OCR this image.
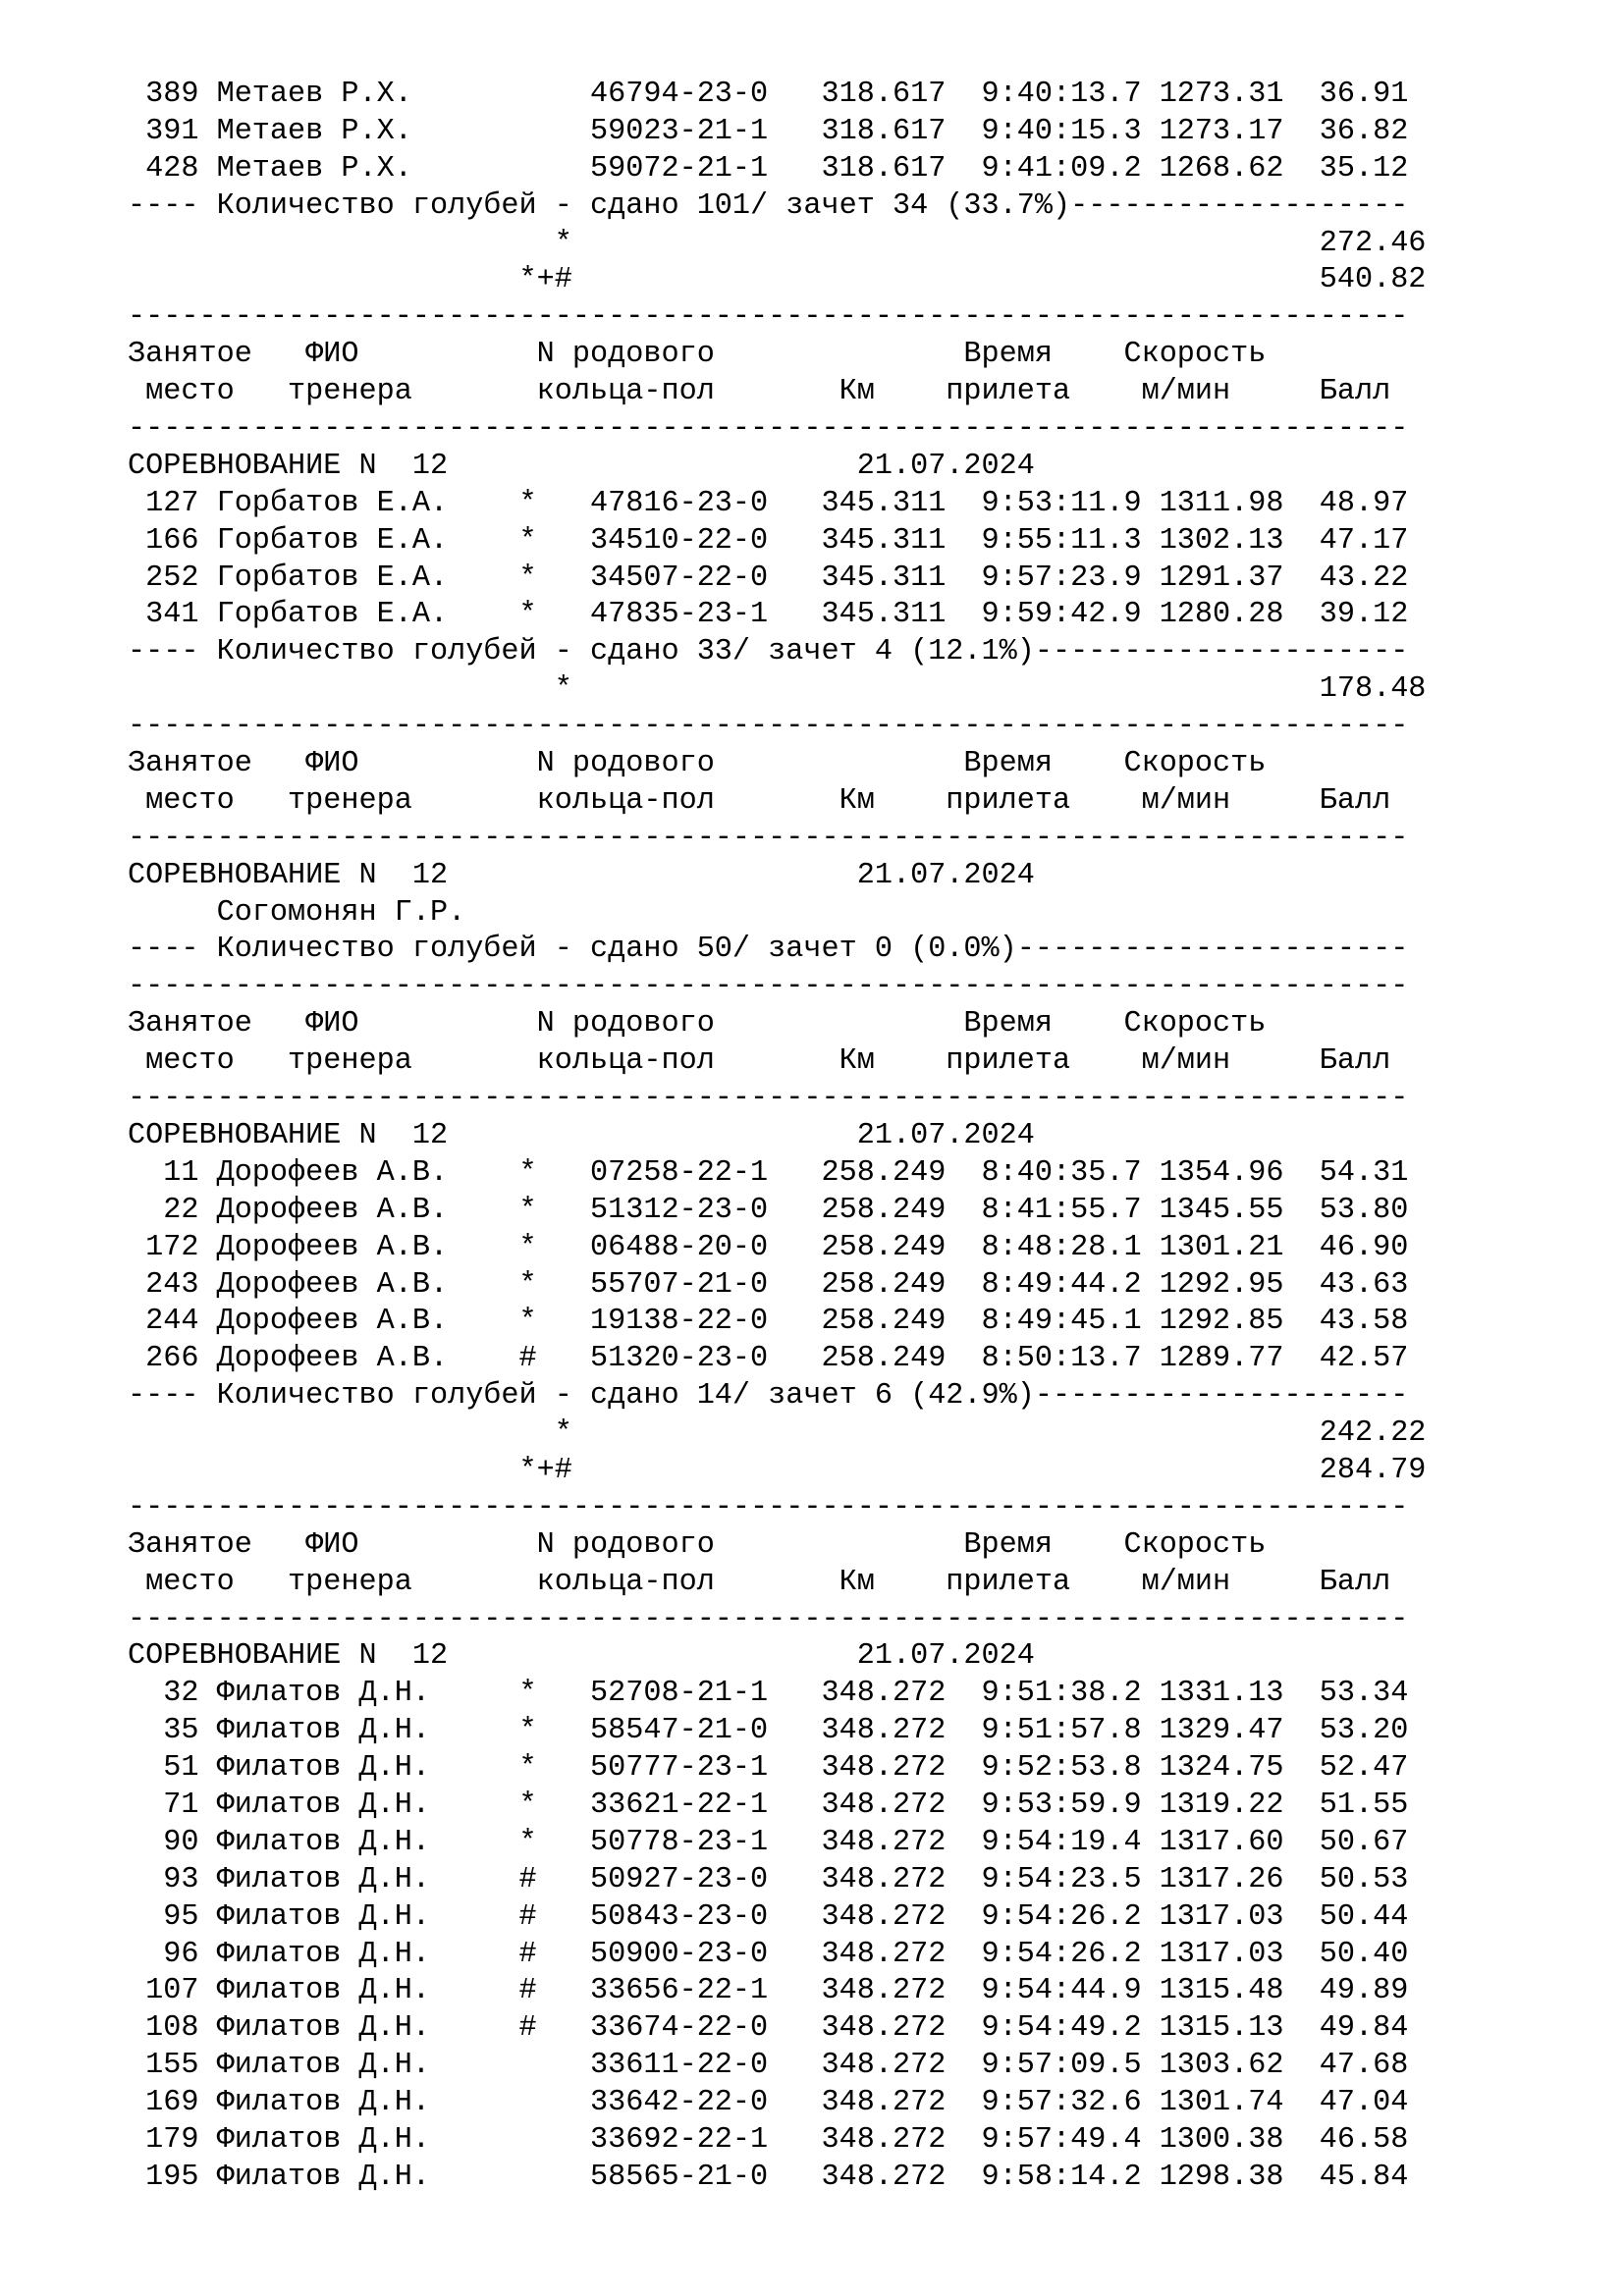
389 Метаев Р.Х.          46794-23-0   318.617  9:40:13.7 1273.31  36.91
391 Метаев Р.Х.          59023-21-1   318.617  9:40:15.3 1273.17  36.82
428 Метаев Р.Х.          59072-21-1   318.617  9:41:09.2 1268.62  35.12
---- Количество голубей - сдано 101/ зачет 34 (33.7%)-------------------
*                                          272.46
*+#                                          540.82
------------------------------------------------------------------------
Занятое   ФИО          N родового              Время    Скорость
место   тренера       кольца-пол       Км    прилета    м/мин     Балл
------------------------------------------------------------------------
СОРЕВНОВАНИЕ N  12                       21.07.2024
127 Горбатов Е.А.    *   47816-23-0   345.311  9:53:11.9 1311.98  48.97
166 Горбатов Е.А.    *   34510-22-0   345.311  9:55:11.3 1302.13  47.17
252 Горбатов Е.А.    *   34507-22-0   345.311  9:57:23.9 1291.37  43.22
341 Горбатов Е.А.    *   47835-23-1   345.311  9:59:42.9 1280.28  39.12
---- Количество голубей - сдано 33/ зачет 4 (12.1%)---------------------
*                                          178.48
------------------------------------------------------------------------
Занятое   ФИО          N родового              Время    Скорость
место   тренера       кольца-пол       Км    прилета    м/мин     Балл
------------------------------------------------------------------------
СОРЕВНОВАНИЕ N  12                       21.07.2024
Согомонян Г.Р.
---- Количество голубей - сдано 50/ зачет 0 (0.0%)----------------------
------------------------------------------------------------------------
Занятое   ФИО          N родового              Время    Скорость
место   тренера       кольца-пол       Км    прилета    м/мин     Балл
------------------------------------------------------------------------
СОРЕВНОВАНИЕ N  12                       21.07.2024
11 Дорофеев А.В.    *   07258-22-1   258.249  8:40:35.7 1354.96  54.31
22 Дорофеев А.В.    *   51312-23-0   258.249  8:41:55.7 1345.55  53.80
172 Дорофеев А.В.    *   06488-20-0   258.249  8:48:28.1 1301.21  46.90
243 Дорофеев А.В.    *   55707-21-0   258.249  8:49:44.2 1292.95  43.63
244 Дорофеев А.В.    *   19138-22-0   258.249  8:49:45.1 1292.85  43.58
266 Дорофеев А.В.    #   51320-23-0   258.249  8:50:13.7 1289.77  42.57
---- Количество голубей - сдано 14/ зачет 6 (42.9%)---------------------
*                                          242.22
*+#                                          284.79
------------------------------------------------------------------------
Занятое   ФИО          N родового              Время    Скорость
место   тренера       кольца-пол       Км    прилета    м/мин     Балл
------------------------------------------------------------------------
СОРЕВНОВАНИЕ N  12                       21.07.2024
32 Филатов Д.Н.     *   52708-21-1   348.272  9:51:38.2 1331.13  53.34
35 Филатов Д.Н.     *   58547-21-0   348.272  9:51:57.8 1329.47  53.20
51 Филатов Д.Н.     *   50777-23-1   348.272  9:52:53.8 1324.75  52.47
71 Филатов Д.Н.     *   33621-22-1   348.272  9:53:59.9 1319.22  51.55
90 Филатов Д.Н.     *   50778-23-1   348.272  9:54:19.4 1317.60  50.67
93 Филатов Д.Н.     #   50927-23-0   348.272  9:54:23.5 1317.26  50.53
95 Филатов Д.Н.     #   50843-23-0   348.272  9:54:26.2 1317.03  50.44
96 Филатов Д.Н.     #   50900-23-0   348.272  9:54:26.2 1317.03  50.40
107 Филатов Д.Н.     #   33656-22-1   348.272  9:54:44.9 1315.48  49.89
108 Филатов Д.Н.     #   33674-22-0   348.272  9:54:49.2 1315.13  49.84
155 Филатов Д.Н.         33611-22-0   348.272  9:57:09.5 1303.62  47.68
169 Филатов Д.Н.         33642-22-0   348.272  9:57:32.6 1301.74  47.04
179 Филатов Д.Н.         33692-22-1   348.272  9:57:49.4 1300.38  46.58
195 Филатов Д.Н.         58565-21-0   348.272  9:58:14.2 1298.38  45.84
